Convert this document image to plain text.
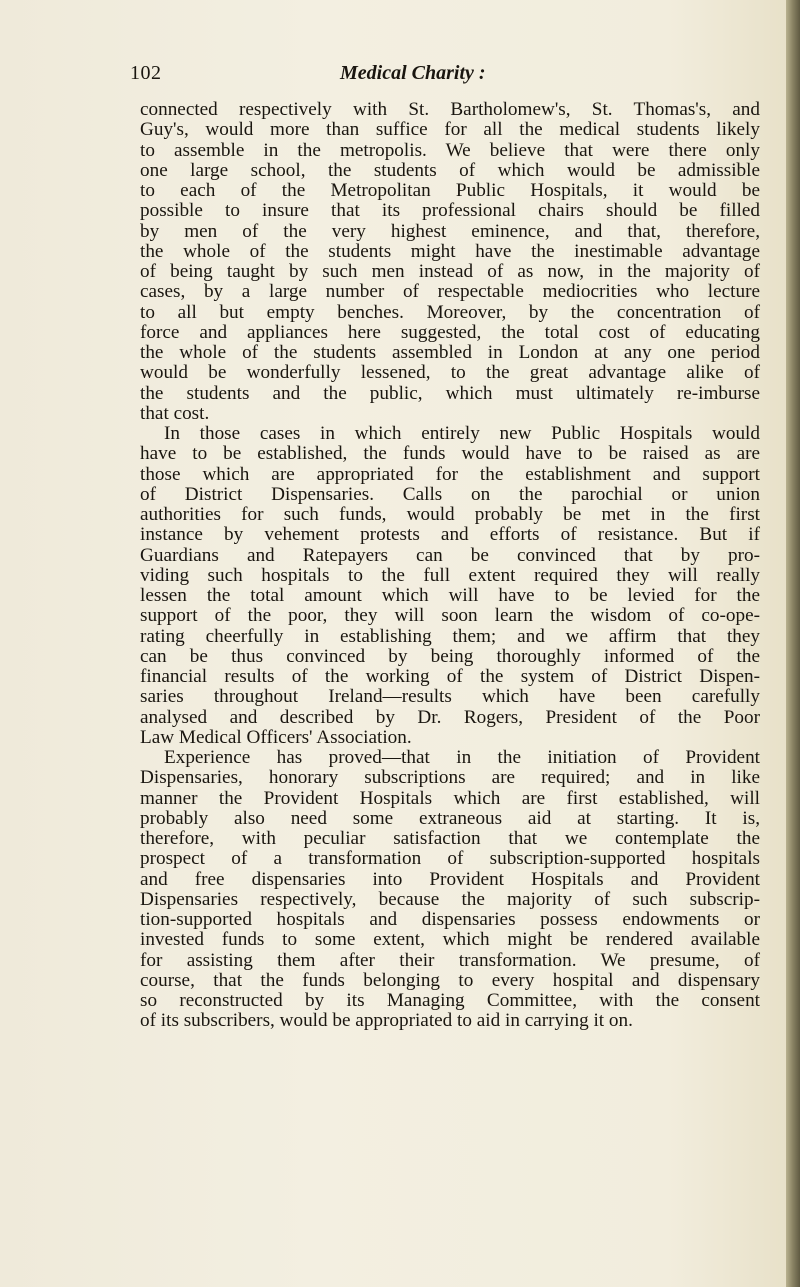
102	Medical Charity :
connected respectively with St. Bartholomew's, St. Thomas's, and
Guy's, would more than suffice for all the medical students likely
to assemble in the metropolis. We believe that were there only
one large school, the students of which would be admissible
to each of the Metropolitan Public Hospitals, it would be
possible to insure that its professional chairs should be filled
by men of the very highest eminence, and that, therefore,
the whole of the students might have the inestimable advantage
of being taught by such men instead of as now, in the majority of
cases, by a large number of respectable mediocrities who lecture
to all but empty benches. Moreover, by the concentration of
force and appliances here suggested, the total cost of educating
the whole of the students assembled in London at any one period
would be wonderfully lessened, to the great advantage alike of
the students and the public, which must ultimately re-imburse
that cost.
In those cases in which entirely new Public Hospitals would
have to be established, the funds would have to be raised as are
those which are appropriated for the establishment and support
of District Dispensaries. Calls on the parochial or union
authorities for such funds, would probably be met in the first
instance by vehement protests and efforts of resistance. But if
Guardians and Ratepayers can be convinced that by pro-
viding such hospitals to the full extent required they will really
lessen the total amount which will have to be levied for the
support of the poor, they will soon learn the wisdom of co-ope-
rating cheerfully in establishing them; and we affirm that they
can be thus convinced by being thoroughly informed of the
financial results of the working of the system of District Dispen-
saries throughout Ireland—results which have been carefully
analysed and described by Dr. Rogers, President of the Poor
Law Medical Officers' Association.
Experience has proved—that in the initiation of Provident
Dispensaries, honorary subscriptions are required; and in like
manner the Provident Hospitals which are first established, will
probably also need some extraneous aid at starting. It is,
therefore, with peculiar satisfaction that we contemplate the
prospect of a transformation of subscription-supported hospitals
and free dispensaries into Provident Hospitals and Provident
Dispensaries respectively, because the majority of such subscrip-
tion-supported hospitals and dispensaries possess endowments or
invested funds to some extent, which might be rendered available
for assisting them after their transformation. We presume, of
course, that the funds belonging to every hospital and dispensary
so reconstructed by its Managing Committee, with the consent
of its subscribers, would be appropriated to aid in carrying it on.
